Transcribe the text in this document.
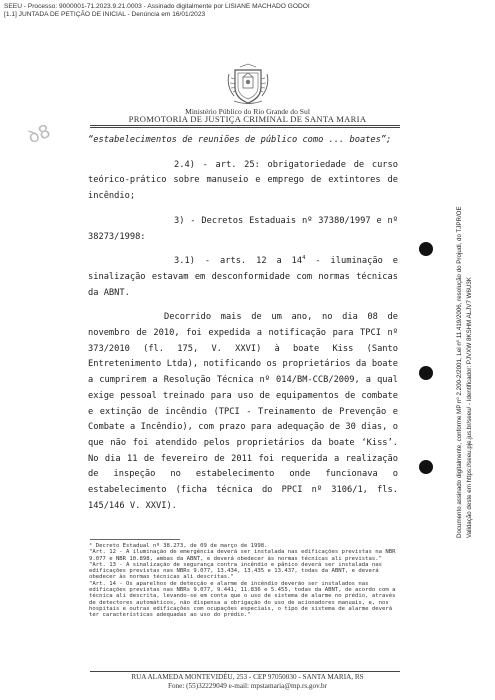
SEEU - Processo: 9000001-71.2023.9.21.0003 - Assinado digitalmente por LISIANE MACHADO GODOI
[1.1] JUNTADA DE PETIÇÃO DE INICIAL - Denúncia em 16/01/2023
Documento assinado digitalmente, conforme MP nº 2.200-2/2001, Lei nº 11.419/2006, resolução do Projudi, do TJPR/OE Validação deste em https://seeu.pje.jus.br/seeu/ - Identificador: PJVXW 8KSHM ALJV7 W6U3K
ꝺ8
Ministério Público do Rio Grande do Sul
PROMOTORIA DE JUSTIÇA CRIMINAL DE SANTA MARIA

“estabelecimentos de reuniões de público como ... boates”;

2.4) - art. 25: obrigatoriedade de curso teórico-prático sobre manuseio e emprego de extintores de incêndio;

3) - Decretos Estaduais nº 37380/1997 e nº 38273/1998:

3.1) - arts. 12 a $14^4$ - iluminação e sinalização estavam em desconformidade com normas técnicas da ABNT.

Decorrido mais de um ano, no dia 08 de novembro de 2010, foi expedida a notificação para TPCI nº 373/2010 (fl. 175, V. XXVI) à boate Kiss (Santo Entretenimento Ltda), notificando os proprietários da boate a cumprirem a Resolução Técnica nº 014/BM-CCB/2009, a qual exige pessoal treinado para uso de equipamentos de combate e extinção de incêndio (TPCI - Treinamento de Prevenção e Combate a Incêndio), com prazo para adequação de 30 dias, o que não foi atendido pelos proprietários da boate ‘Kiss’. No dia 11 de fevereiro de 2011 foi requerida a realização de inspeção no estabelecimento onde funcionava o estabelecimento (ficha técnica do PPCI nº 3106/1, fls. 145/146 V. XXVI).

⁴ Decreto Estadual nº 38.273, de 09 de março de 1998.

"Art. 12 - A iluminação de emergência deverá ser instalada nas edificações previstas na NBR 9.077 e NBR 10.898, ambas da ABNT, e deverá obedecer às normas técnicas ali previstas."

"Art. 13 - A sinalização de segurança contra incêndio e pânico deverá ser instalada nas edificações previstas nas NBRs 9.077, 13.434, 13.435 e 13.437, todas da ABNT, e deverá obedecer às normas técnicas ali descritas."

"Art. 14 - Os aparelhos de detecção e alarme de incêndio deverão ser instalados nas edificações previstas nas NBRs 9.077, 9.441, 11.836 e 5.455, todas da ABNT, de acordo com a técnica ali descrita, levando-se em conta que o uso de sistema de alarme no prédio, através de detectores automáticos, não dispensa a obrigação do uso de acionadores manuais, e, nos hospitais e outras edificações com ocupações especiais, o tipo de sistema de alarme deverá ter características adequadas ao uso do prédio."

RUA ALAMEDA MONTEVIDÉU, 253 - CEP 97050030 - SANTA MARIA, RS
Fone: (55)32229049 e-mail: mpstamaria@mp.rs.gov.br
